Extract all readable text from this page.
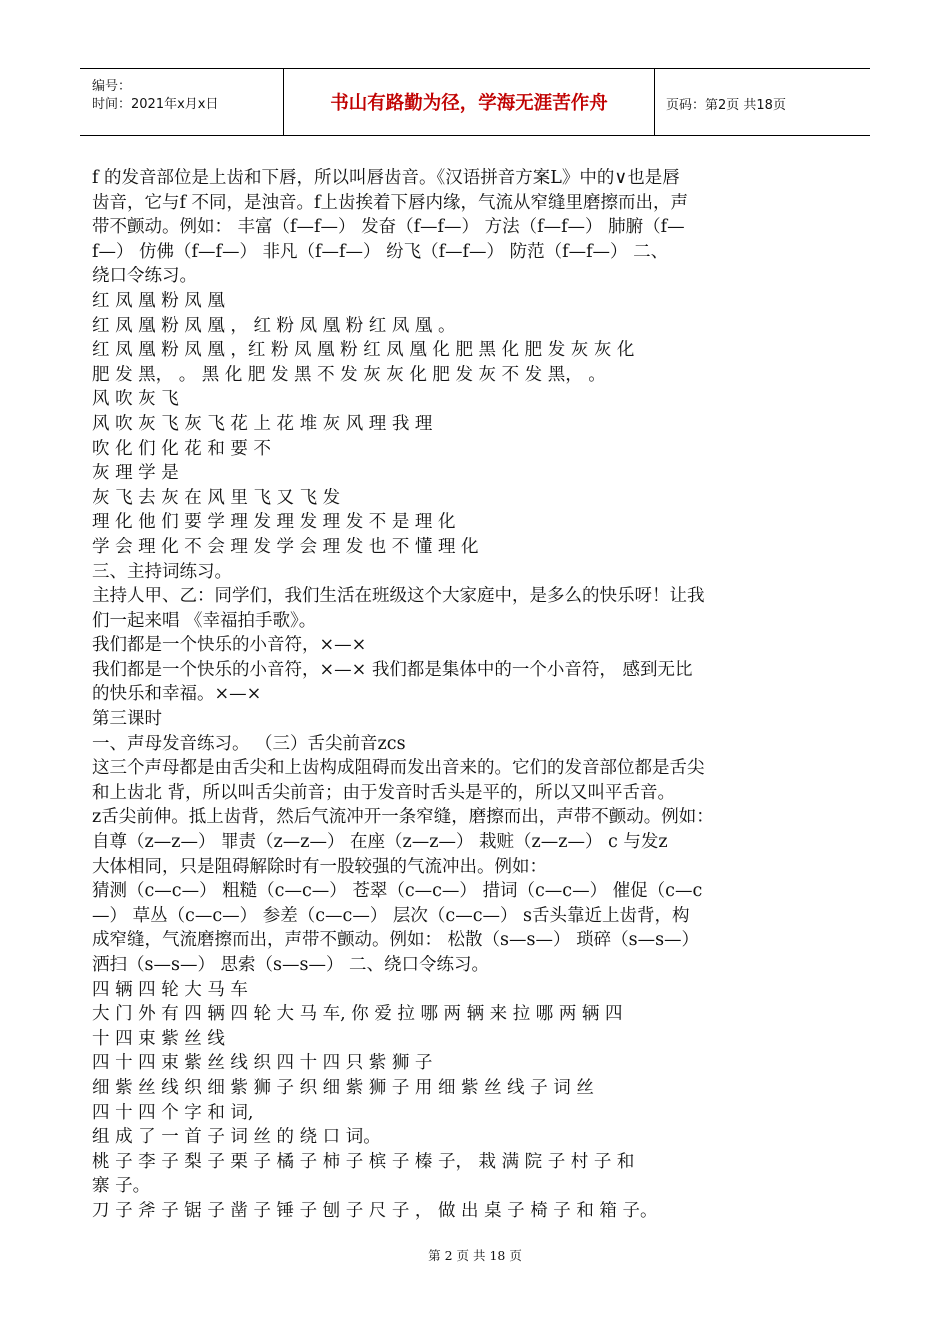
编号：
时间：2021年x月x日	书山有路勤为径，学海无涯苦作舟	页码：第2页 共18页
f 的发音部位是上齿和下唇，所以叫唇齿音。《汉语拼音方案L》中的∨也是唇
齿音，它与f 不同，是浊音。f上齿挨着下唇内缘，气流从窄缝里磨擦而出，声
带不颤动。例如： 丰富（f—f—） 发奋（f—f—） 方法（f—f—） 肺腑（f—
f—） 仿佛（f—f—） 非凡（f—f—） 纷飞（f—f—） 防范（f—f—） 二、
绕口令练习。
红 凤 凰 粉 凤 凰
红 凤 凰 粉 凤 凰 ， 红 粉 凤 凰 粉 红 凤 凰 。
红 凤 凰 粉 凤 凰 ，红 粉 凤 凰 粉 红 凤 凰 化 肥 黑 化 肥 发 灰 灰 化
肥 发 黑， 。 黑 化 肥 发 黑 不 发 灰 灰 化 肥 发 灰 不 发 黑， 。
风 吹 灰 飞
风 吹 灰 飞 灰 飞 花 上 花 堆 灰 风 理 我 理
吹 化 们 化 花 和 要 不
灰 理 学 是
灰 飞 去 灰 在 风 里 飞 又 飞 发
理 化 他 们 要 学 理 发 理 发 理 发 不 是 理 化
学 会 理 化 不 会 理 发 学 会 理 发 也 不 懂 理 化
三、主持词练习。
主持人甲、乙：同学们，我们生活在班级这个大家庭中，是多么的快乐呀！让我
们一起来唱 《幸福拍手歌》。
我们都是一个快乐的小音符，×—×
我们都是一个快乐的小音符，×—× 我们都是集体中的一个小音符， 感到无比
的快乐和幸福。×—×
第三课时
一、声母发音练习。 （三）舌尖前音zcs
这三个声母都是由舌尖和上齿构成阻碍而发出音来的。它们的发音部位都是舌尖
和上齿北 背，所以叫舌尖前音；由于发音时舌头是平的，所以又叫平舌音。
z舌尖前伸。抵上齿背，然后气流冲开一条窄缝，磨擦而出，声带不颤动。例如：
自尊（z—z—） 罪责（z—z—） 在座（z—z—） 栽赃（z—z—） c 与发z
大体相同，只是阻碍解除时有一股较强的气流冲出。例如：
猜测（c—c—） 粗糙（c—c—） 苍翠（c—c—） 措词（c—c—） 催促（c—c
—） 草丛（c—c—） 参差（c—c—） 层次（c—c—） s舌头靠近上齿背，构
成窄缝，气流磨擦而出，声带不颤动。例如： 松散（s—s—） 琐碎（s—s—）
洒扫（s—s—） 思索（s—s—） 二、绕口令练习。
四 辆 四 轮 大 马 车
大 门 外 有 四 辆 四 轮 大 马 车, 你 爱 拉 哪 两 辆 来 拉 哪 两 辆 四
十 四 束 紫 丝 线
四 十 四 束 紫 丝 线 织 四 十 四 只 紫 狮 子
细 紫 丝 线 织 细 紫 狮 子 织 细 紫 狮 子 用 细 紫 丝 线 子 词 丝
四 十 四 个 字 和 词,
组 成 了 一 首 子 词 丝 的 绕 口 词。
桃 子 李 子 梨 子 栗 子 橘 子 柿 子 槟 子 榛 子， 栽 满 院 子 村 子 和
寨 子。
刀 子 斧 子 锯 子 凿 子 锤 子 刨 子 尺 子 ， 做 出 桌 子 椅 子 和 箱 子。
第 2 页 共 18 页
